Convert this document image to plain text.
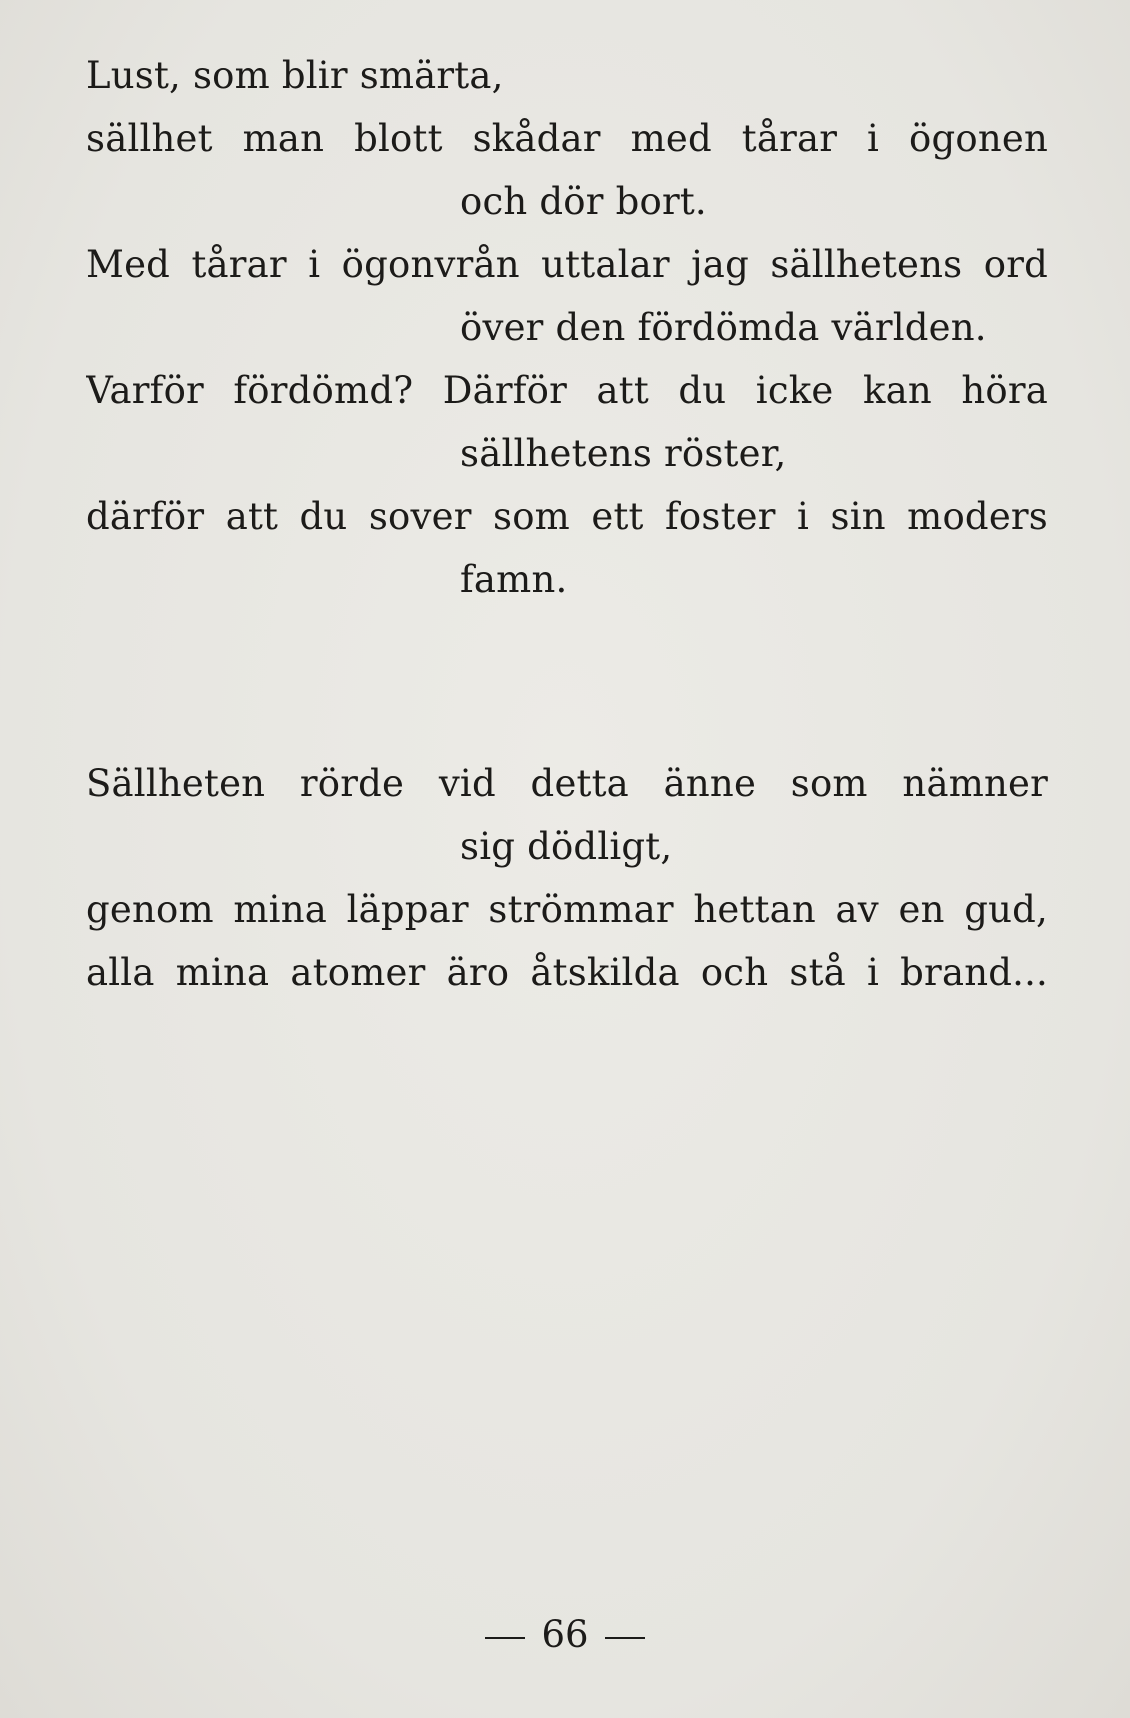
Lust, som blir smärta,
sällhet man blott skådar med tårar i ögonen
och dör bort.
Med tårar i ögonvrån uttalar jag sällhetens ord
över den fördömda världen.
Varför fördömd? Därför att du icke kan höra
sällhetens röster,
därför att du sover som ett foster i sin moders
famn.
Sällheten rörde vid detta änne som nämner
sig dödligt,
genom mina läppar strömmar hettan av en gud,
alla mina atomer äro åtskilda och stå i brand...
66
